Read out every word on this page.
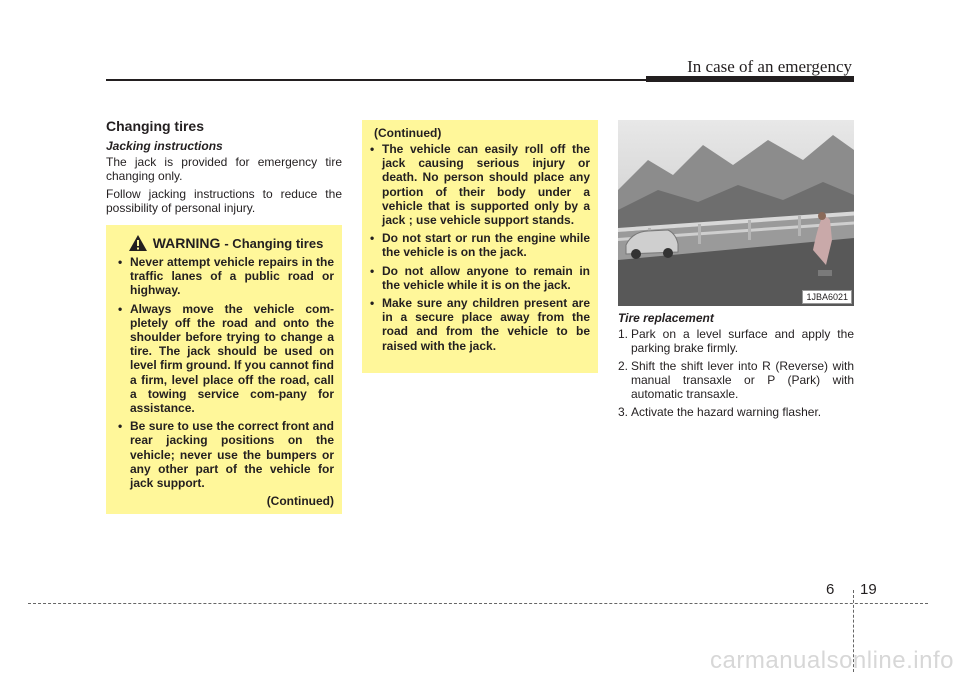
In case of an emergency
Changing tires
Jacking instructions

The jack is provided for emergency tire changing only.

Follow jacking instructions to reduce the possibility of personal injury.

WARNING - Changing tires
• Never attempt vehicle repairs in the traffic lanes of a public road or highway.
• Always move the vehicle com-pletely off the road and onto the shoulder before trying to change a tire. The jack should be used on level firm ground. If you cannot find a firm, level place off the road, call a towing service com-pany for assistance.
• Be sure to use the correct front and rear jacking positions on the vehicle; never use the bumpers or any other part of the vehicle for jack support.
(Continued)
(Continued)
• The vehicle can easily roll off the jack causing serious injury or death. No person should place any portion of their body under a vehicle that is supported only by a jack ; use vehicle support stands.
• Do not start or run the engine while the vehicle is on the jack.
• Do not allow anyone to remain in the vehicle while it is on the jack.
• Make sure any children present are in a secure place away from the road and from the vehicle to be raised with the jack.
1JBA6021
Tire replacement
1. Park on a level surface and apply the parking brake firmly.
2. Shift the shift lever into R (Reverse) with manual transaxle or P (Park) with automatic transaxle.
3. Activate the hazard warning flasher.
6 19
carmanualsonline.info
